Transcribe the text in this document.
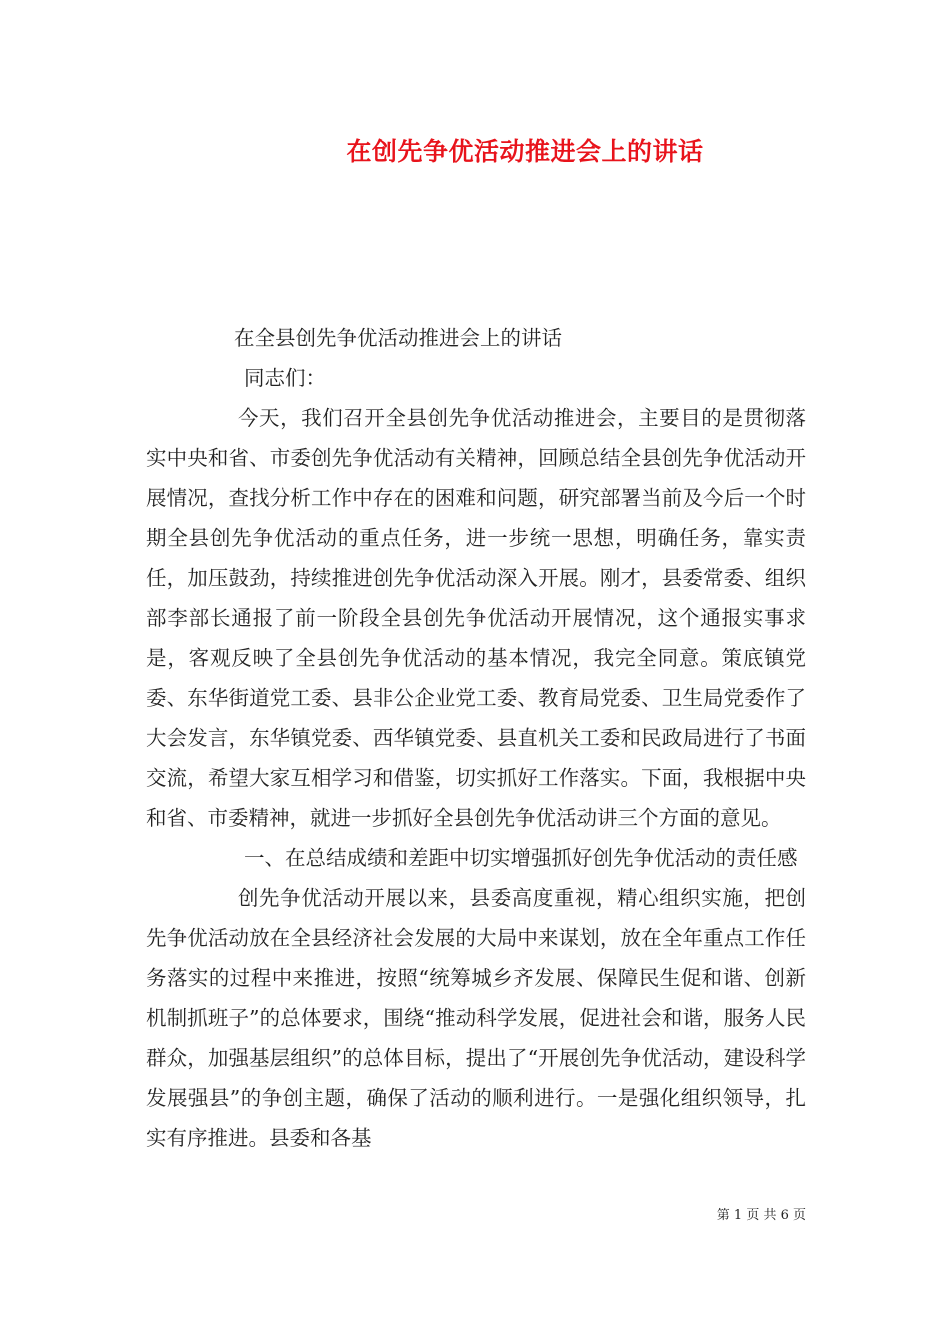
在创先争优活动推进会上的讲话

在全县创先争优活动推进会上的讲话

同志们：

今天，我们召开全县创先争优活动推进会，主要目的是贯彻落实中央和省、市委创先争优活动有关精神，回顾总结全县创先争优活动开展情况，查找分析工作中存在的困难和问题，研究部署当前及今后一个时期全县创先争优活动的重点任务，进一步统一思想，明确任务，靠实责任，加压鼓劲，持续推进创先争优活动深入开展。刚才，县委常委、组织部李部长通报了前一阶段全县创先争优活动开展情况，这个通报实事求是，客观反映了全县创先争优活动的基本情况，我完全同意。策底镇党委、东华街道党工委、县非公企业党工委、教育局党委、卫生局党委作了大会发言，东华镇党委、西华镇党委、县直机关工委和民政局进行了书面交流，希望大家互相学习和借鉴，切实抓好工作落实。下面，我根据中央和省、市委精神，就进一步抓好全县创先争优活动讲三个方面的意见。

一、在总结成绩和差距中切实增强抓好创先争优活动的责任感

创先争优活动开展以来，县委高度重视，精心组织实施，把创先争优活动放在全县经济社会发展的大局中来谋划，放在全年重点工作任务落实的过程中来推进，按照“统筹城乡齐发展、保障民生促和谐、创新机制抓班子”的总体要求，围绕“推动科学发展，促进社会和谐，服务人民群众，加强基层组织”的总体目标，提出了“开展创先争优活动，建设科学发展强县”的争创主题，确保了活动的顺利进行。一是强化组织领导，扎实有序推进。县委和各基

第 1 页 共 6 页
